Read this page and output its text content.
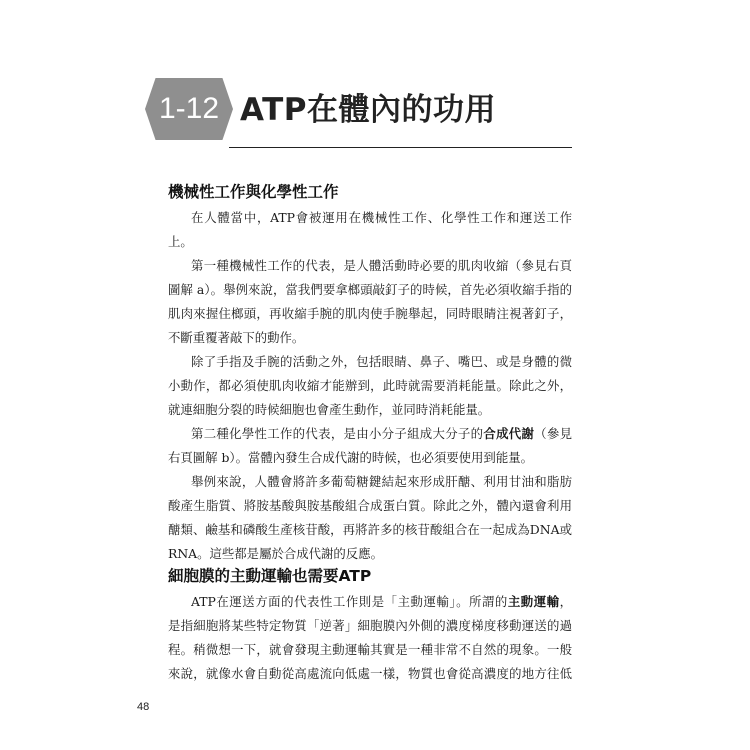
1-12 ATP在體內的功用
機械性工作與化學性工作
在人體當中，ATP會被運用在機械性工作、化學性工作和運送工作
上。
第一種機械性工作的代表，是人體活動時必要的肌肉收縮（參見右頁
圖解 a）。舉例來說，當我們要拿榔頭敲釘子的時候，首先必須收縮手指的
肌肉來握住榔頭，再收縮手腕的肌肉使手腕舉起，同時眼睛注視著釘子，
不斷重覆著敲下的動作。
除了手指及手腕的活動之外，包括眼睛、鼻子、嘴巴、或是身體的微
小動作，都必須使肌肉收縮才能辦到，此時就需要消耗能量。除此之外，
就連細胞分裂的時候細胞也會產生動作，並同時消耗能量。
第二種化學性工作的代表，是由小分子組成大分子的合成代謝（參見
右頁圖解 b）。當體內發生合成代謝的時候，也必須要使用到能量。
舉例來說，人體會將許多葡萄糖鍵結起來形成肝醣、利用甘油和脂肪
酸產生脂質、將胺基酸與胺基酸組合成蛋白質。除此之外，體內還會利用
醣類、鹼基和磷酸生產核苷酸，再將許多的核苷酸組合在一起成為DNA或
RNA。這些都是屬於合成代謝的反應。
細胞膜的主動運輸也需要ATP
ATP在運送方面的代表性工作則是「主動運輸」。所謂的主動運輸，
是指細胞將某些特定物質「逆著」細胞膜內外側的濃度梯度移動運送的過
程。稍微想一下，就會發現主動運輸其實是一種非常不自然的現象。一般
來說，就像水會自動從高處流向低處一樣，物質也會從高濃度的地方往低
48
